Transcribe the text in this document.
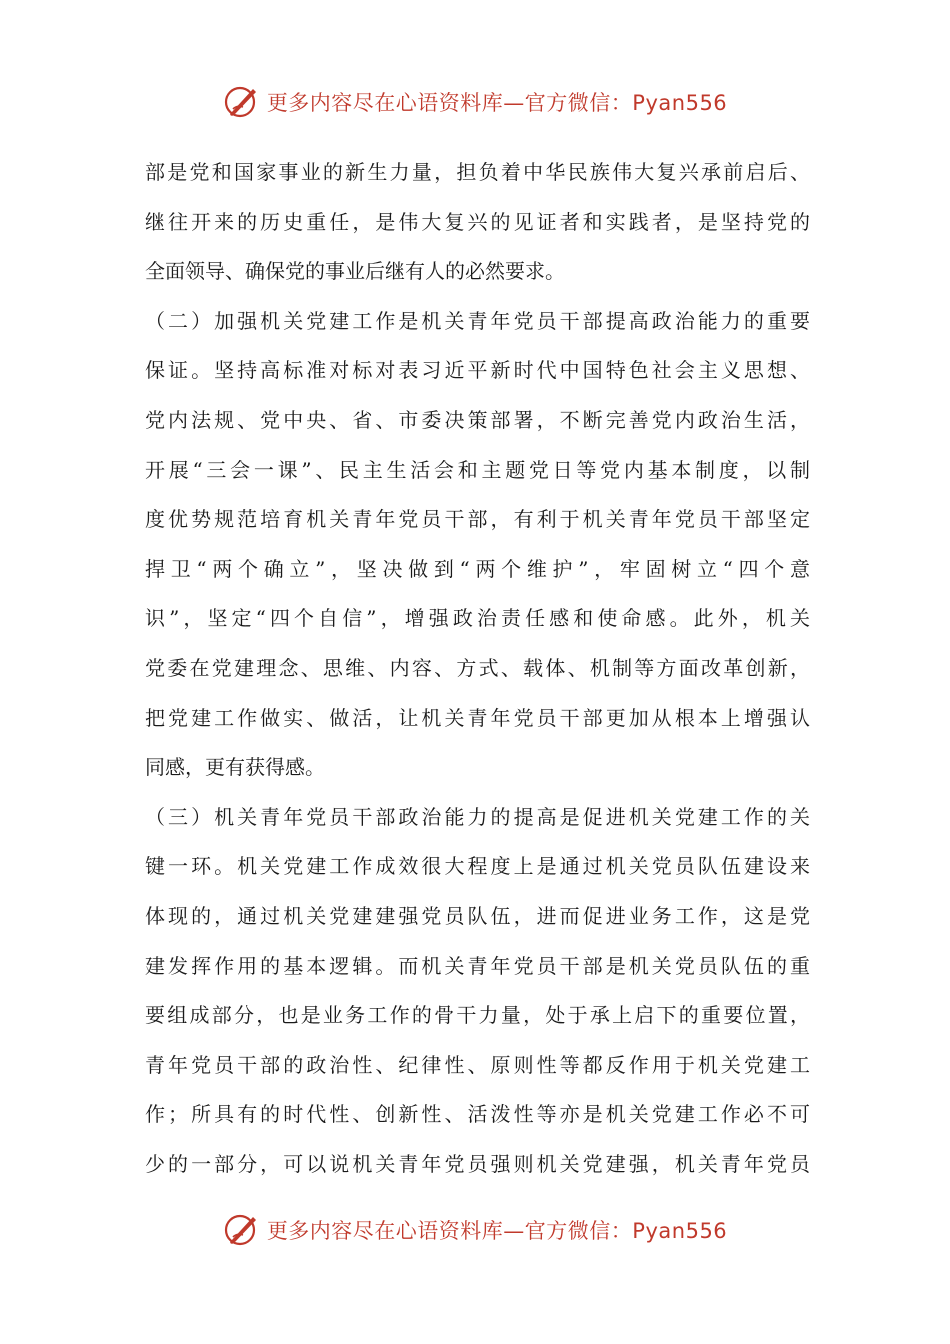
更多内容尽在心语资料库—官方微信：Pyan556
部是党和国家事业的新生力量，担负着中华民族伟大复兴承前启后、
继往开来的历史重任，是伟大复兴的见证者和实践者，是坚持党的
全面领导、确保党的事业后继有人的必然要求。
（二）加强机关党建工作是机关青年党员干部提高政治能力的重要
保证。坚持高标准对标对表习近平新时代中国特色社会主义思想、
党内法规、党中央、省、市委决策部署，不断完善党内政治生活，
开展“三会一课”、民主生活会和主题党日等党内基本制度，以制
度优势规范培育机关青年党员干部，有利于机关青年党员干部坚定
捍卫“两个确立”，坚决做到“两个维护”，牢固树立“四个意
识”，坚定“四个自信”，增强政治责任感和使命感。此外，机关
党委在党建理念、思维、内容、方式、载体、机制等方面改革创新，
把党建工作做实、做活，让机关青年党员干部更加从根本上增强认
同感，更有获得感。
（三）机关青年党员干部政治能力的提高是促进机关党建工作的关
键一环。机关党建工作成效很大程度上是通过机关党员队伍建设来
体现的，通过机关党建建强党员队伍，进而促进业务工作，这是党
建发挥作用的基本逻辑。而机关青年党员干部是机关党员队伍的重
要组成部分，也是业务工作的骨干力量，处于承上启下的重要位置，
青年党员干部的政治性、纪律性、原则性等都反作用于机关党建工
作；所具有的时代性、创新性、活泼性等亦是机关党建工作必不可
少的一部分，可以说机关青年党员强则机关党建强，机关青年党员
更多内容尽在心语资料库—官方微信：Pyan556
